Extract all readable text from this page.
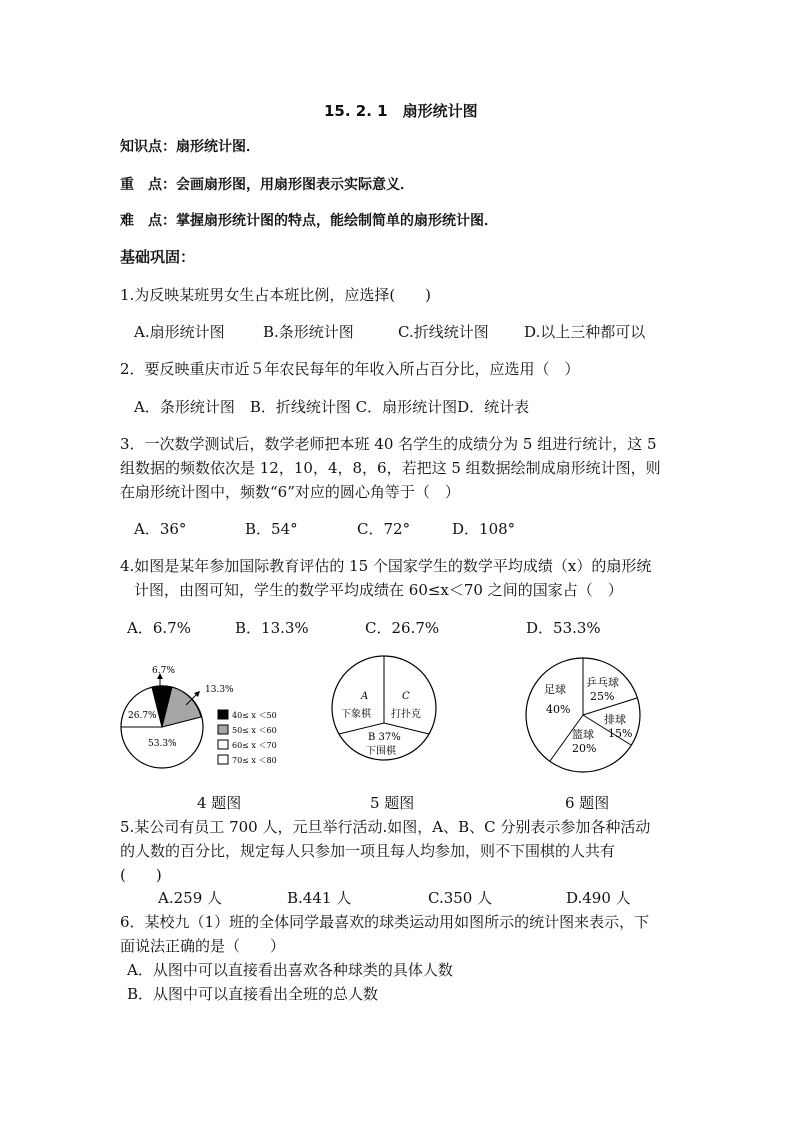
15. 2. 1　扇形统计图
知识点：扇形统计图．
重　点：会画扇形图，用扇形图表示实际意义．
难　点：掌握扇形统计图的特点，能绘制简单的扇形统计图．
基础巩固：
1.为反映某班男女生占本班比例，应选择(　　)
A.扇形统计图	B.条形统计图	C.折线统计图 D.以上三种都可以
2．要反映重庆市近５年农民每年的年收入所占百分比，应选用（　）
A．条形统计图　B．折线统计图 C．扇形统计图D．统计表
3．一次数学测试后，数学老师把本班 40 名学生的成绩分为 5 组进行统计，这 5
组数据的频数依次是 12，10，4，8，6，若把这 5 组数据绘制成扇形统计图，则
在扇形统计图中，频数“6”对应的圆心角等于（　）
A．36°	B．54°	C．72°	D．108°
4.如图是某年参加国际教育评估的 15 个国家学生的数学平均成绩（x）的扇形统
计图，由图可知，学生的数学平均成绩在 60≤x＜70 之间的国家占（　）
A．6.7%	B．13.3%	C．26.7%	D．53.3%
6.7%
13.3%
26.7%
53.3%
40≤ x ＜50
50≤ x ＜60
60≤ x ＜70
70≤ x ＜80
A
下象棋
C
打扑克
B 37%
下围棋
足球
40%
乒乓球
25%
排球
15%
篮球
20%
4 题图	5 题图	6 题图
5.某公司有员工 700 人，元旦举行活动.如图，A、B、C 分别表示参加各种活动
的人数的百分比，规定每人只参加一项且每人均参加，则不下围棋的人共有
(　　)
A.259 人	B.441 人	C.350 人	D.490 人
6．某校九（1）班的全体同学最喜欢的球类运动用如图所示的统计图来表示，下
面说法正确的是（　　）
A．从图中可以直接看出喜欢各种球类的具体人数
B．从图中可以直接看出全班的总人数
